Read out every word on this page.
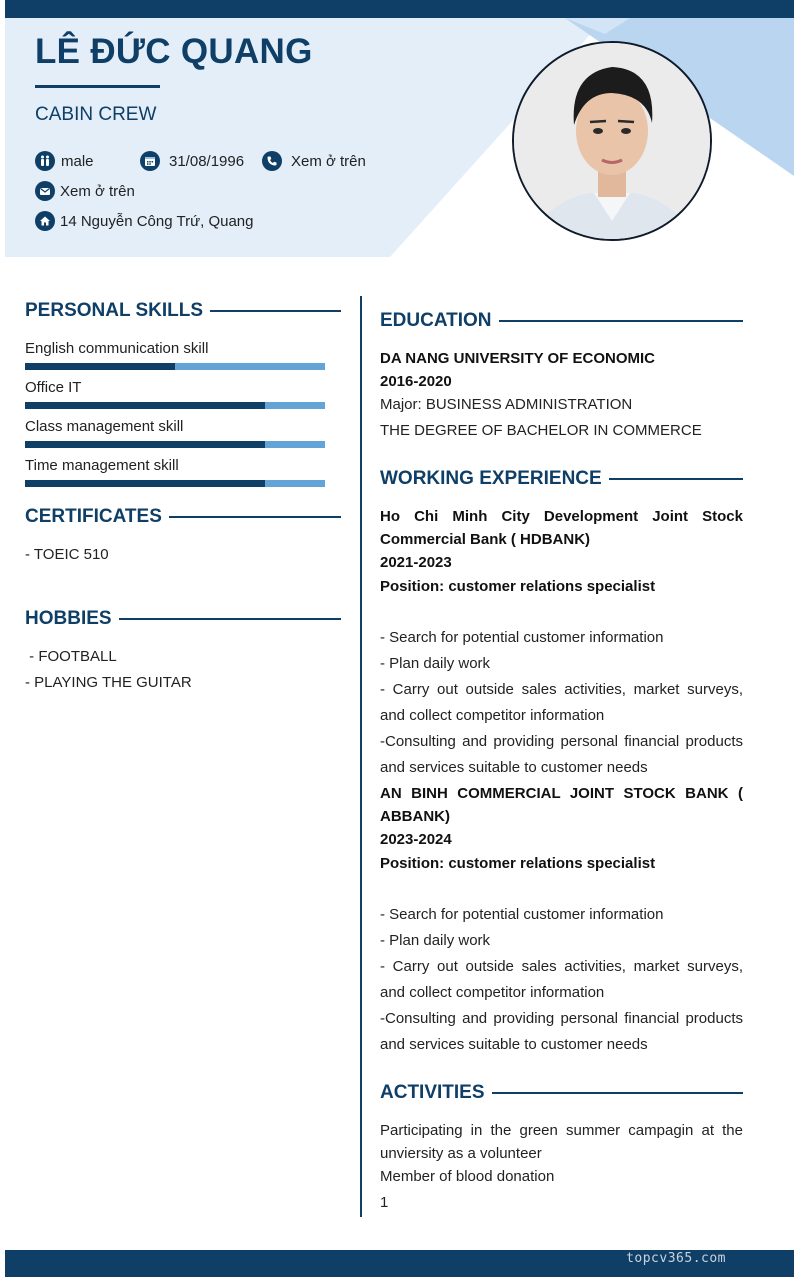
LÊ ĐỨC QUANG
CABIN CREW
male	31/08/1996	Xem ở trên
Xem ở trên
14 Nguyễn Công Trứ, Quang
PERSONAL SKILLS
English communication skill
Office IT
Class management skill
Time management skill
CERTIFICATES
- TOEIC 510
HOBBIES
- FOOTBALL
- PLAYING THE GUITAR
EDUCATION
DA NANG UNIVERSITY OF ECONOMIC
2016-2020
Major: BUSINESS ADMINISTRATION
THE DEGREE OF BACHELOR IN COMMERCE
WORKING EXPERIENCE
Ho Chi Minh City Development Joint Stock Commercial Bank ( HDBANK)
2021-2023
Position: customer relations specialist
- Search for potential customer information
- Plan daily work
- Carry out outside sales activities, market surveys, and collect competitor information
-Consulting and providing personal financial products and services suitable to customer needs
AN BINH COMMERCIAL JOINT STOCK BANK ( ABBANK)
2023-2024
Position: customer relations specialist
- Search for potential customer information
- Plan daily work
- Carry out outside sales activities, market surveys, and collect competitor information
-Consulting and providing personal financial products and services suitable to customer needs
ACTIVITIES
Participating in the green summer campagin at the unviersity as a volunteer
Member of blood donation
1
topcv365.com
